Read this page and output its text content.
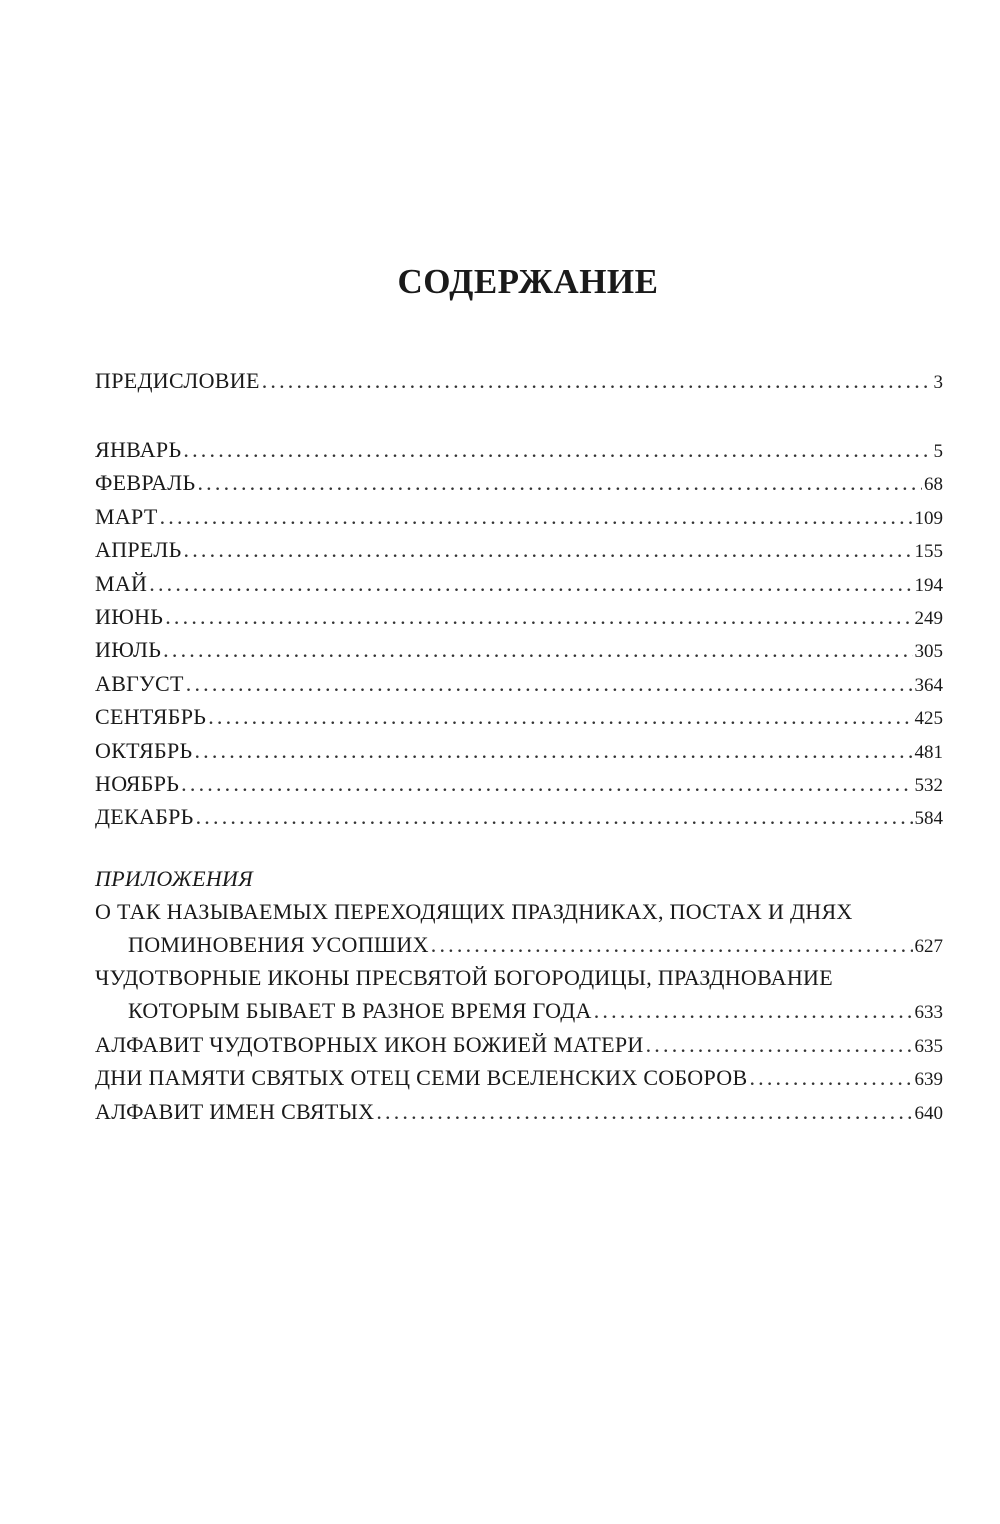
СОДЕРЖАНИЕ
ПРЕДИСЛОВИЕ .....	3
ЯНВАРЬ .....	5
ФЕВРАЛЬ .....	68
МАРТ .....	109
АПРЕЛЬ .....	155
МАЙ .....	194
ИЮНЬ .....	249
ИЮЛЬ .....	305
АВГУСТ .....	364
СЕНТЯБРЬ .....	425
ОКТЯБРЬ .....	481
НОЯБРЬ .....	532
ДЕКАБРЬ .....	584
ПРИЛОЖЕНИЯ
О ТАК НАЗЫВАЕМЫХ ПЕРЕХОДЯЩИХ ПРАЗДНИКАХ, ПОСТАХ И ДНЯХ
ПОМИНОВЕНИЯ УСОПШИХ .....	627
ЧУДОТВОРНЫЕ ИКОНЫ ПРЕСВЯТОЙ БОГОРОДИЦЫ, ПРАЗДНОВАНИЕ
КОТОРЫМ БЫВАЕТ В РАЗНОЕ ВРЕМЯ ГОДА .....	633
АЛФАВИТ ЧУДОТВОРНЫХ ИКОН БОЖИЕЙ МАТЕРИ .....	635
ДНИ ПАМЯТИ СВЯТЫХ ОТЕЦ СЕМИ ВСЕЛЕНСКИХ СОБОРОВ .....	639
АЛФАВИТ ИМЕН СВЯТЫХ .....	640
